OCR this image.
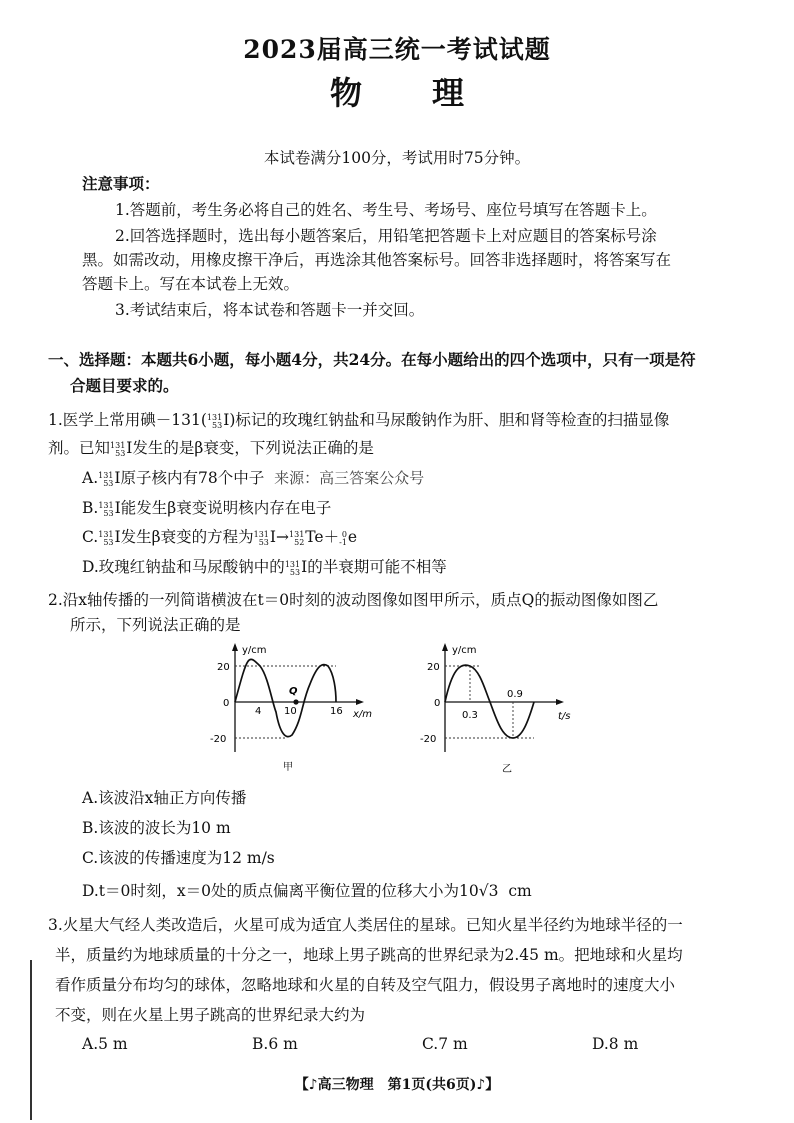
2023届高三统一考试试题
物理
本试卷满分100分，考试用时75分钟。
注意事项：
1.答题前，考生务必将自己的姓名、考生号、考场号、座位号填写在答题卡上。
2.回答选择题时，选出每小题答案后，用铅笔把答题卡上对应题目的答案标号涂
黑。如需改动，用橡皮擦干净后，再选涂其他答案标号。回答非选择题时，将答案写在
答题卡上。写在本试卷上无效。
3.考试结束后，将本试卷和答题卡一并交回。
一、选择题：本题共6小题，每小题4分，共24分。在每小题给出的四个选项中，只有一项是符
合题目要求的。
1.医学上常用碘－131( 131
53 I)标记的玫瑰红钠盐和马尿酸钠作为肝、胆和肾等检查的扫描显像
剂。已知 131
53 I发生的是β衰变，下列说法正确的是
A. 131
53 I原子核内有78个中子 来源：高三答案公众号
B. 131
53 I能发生β衰变说明核内存在电子
C. 131
53 I发生β衰变的方程为 131
53 I→ 131
52 Te＋ 0
-1 e
D.玫瑰红钠盐和马尿酸钠中的 131
53 I的半衰期可能不相等
2.沿x轴传播的一列简谐横波在t＝0时刻的波动图像如图甲所示，质点Q的振动图像如图乙
所示，下列说法正确的是
y/cm
x/m
20
0
-20
4 10	16
Q
甲
y/cm
t/s
20
0
-20
0.3
0.9
乙
A.该波沿x轴正方向传播
B.该波的波长为10 m
C.该波的传播速度为12 m/s
D.t＝0时刻，x＝0处的质点偏离平衡位置的位移大小为10√3 cm
3.火星大气经人类改造后，火星可成为适宜人类居住的星球。已知火星半径约为地球半径的一
半，质量约为地球质量的十分之一，地球上男子跳高的世界纪录为2.45 m。把地球和火星均
看作质量分布均匀的球体，忽略地球和火星的自转及空气阻力，假设男子离地时的速度大小
不变，则在火星上男子跳高的世界纪录大约为
A.5 m	B.6 m	C.7 m	D.8 m
【♪高三物理　第1页(共6页)♪】
